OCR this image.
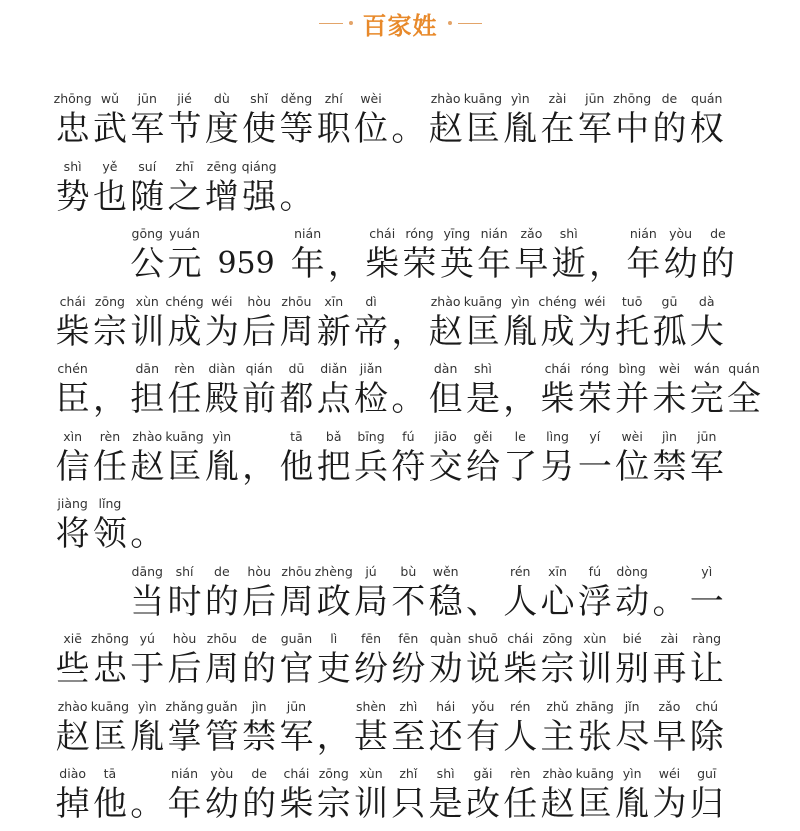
百家姓
zhōng
忠
wǔ
武
jūn
军
jié
节
dù
度
shǐ
使
děng
等
zhí
职
wèi
位 。
zhào
赵
kuāng
匡
yìn
胤
zài
在
jūn
军
zhōng
中
de
的
quán
权
shì
势
yě
也
suí
随
zhī
之
zēng
增
qiáng
强 。
gōng
公
yuán
元 959
nián
年 ，
chái
柴
róng
荣
yīng
英
nián
年
zǎo
早
shì
逝 ，
nián
年
yòu
幼
de
的
chái
柴
zōng
宗
xùn
训
chéng
成
wéi
为
hòu
后
zhōu
周
xīn
新
dì
帝 ，
zhào
赵
kuāng
匡
yìn
胤
chéng
成
wéi
为
tuō
托
gū
孤
dà
大
chén
臣 ，
dān
担
rèn
任
diàn
殿
qián
前
dū
都
diǎn
点
jiǎn
检 。
dàn
但
shì
是 ，
chái
柴
róng
荣
bìng
并
wèi
未
wán
完
quán
全
xìn
信
rèn
任
zhào
赵
kuāng
匡
yìn
胤 ，
tā
他
bǎ
把
bīng
兵
fú
符
jiāo
交
gěi
给
le
了
lìng
另
yí
一
wèi
位
jìn
禁
jūn
军
jiàng
将
lǐng
领 。
dāng
当
shí
时
de
的
hòu
后
zhōu
周
zhèng
政
jú
局
bù
不
wěn
稳 、
rén
人
xīn
心
fú
浮
dòng
动 。
yì
一
xiē
些
zhōng
忠
yú
于
hòu
后
zhōu
周
de
的
guān
官
lì
吏
fēn
纷
fēn
纷
quàn
劝
shuō
说
chái
柴
zōng
宗
xùn
训
bié
别
zài
再
ràng
让
zhào
赵
kuāng
匡
yìn
胤
zhǎng
掌
guǎn
管
jìn
禁
jūn
军 ，
shèn
甚
zhì
至
hái
还
yǒu
有
rén
人
zhǔ
主
zhāng
张
jǐn
尽
zǎo
早
chú
除
diào
掉
tā
他 。
nián
年
yòu
幼
de
的
chái
柴
zōng
宗
xùn
训
zhǐ
只
shì
是
gǎi
改
rèn
任
zhào
赵
kuāng
匡
yìn
胤
wéi
为
guī
归
